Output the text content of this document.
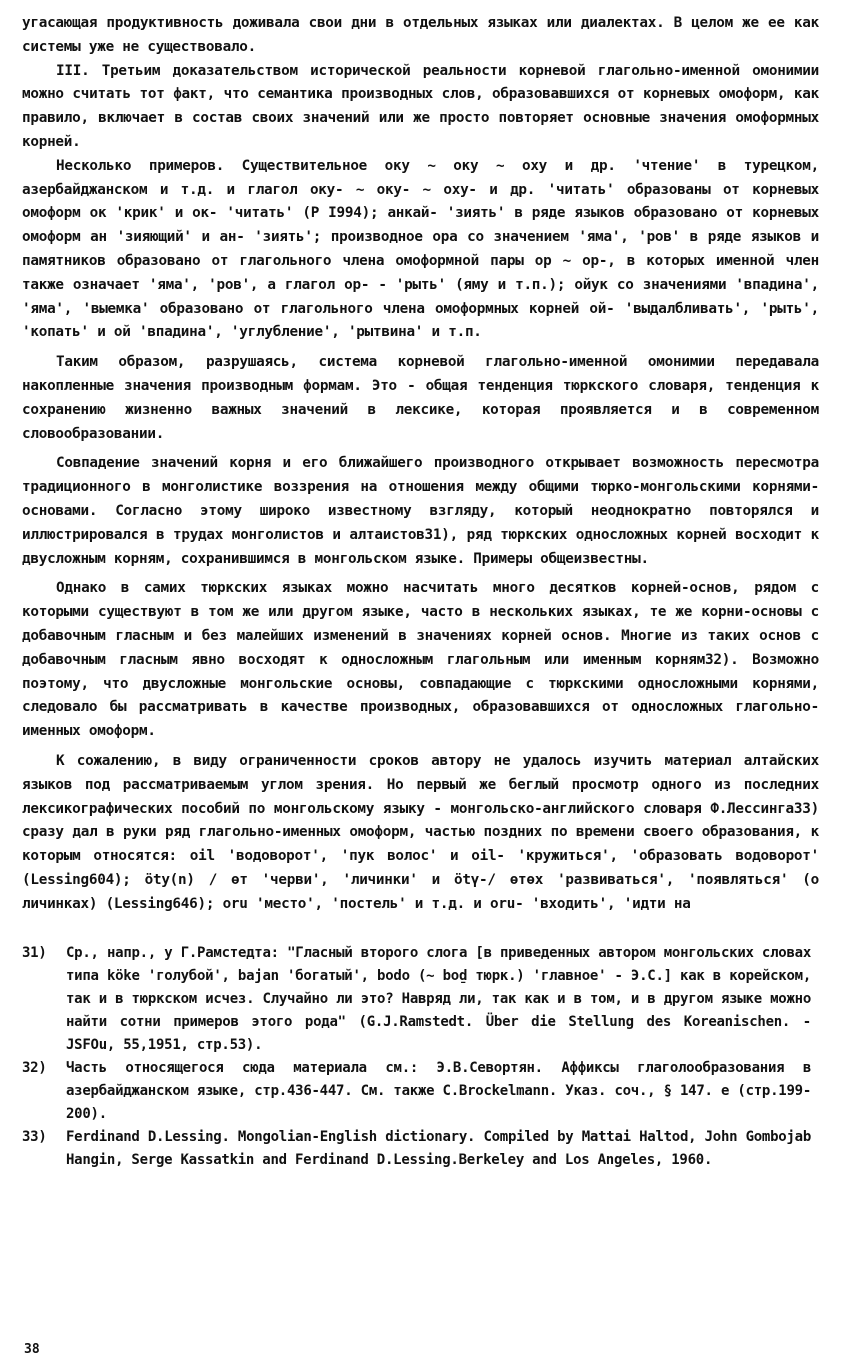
угасающая продуктивность доживала свои дни в отдельных языках или диалектах. В целом же ее как системы уже не существовало.

III. Третьим доказательством исторической реальности корневой глагольно-именной омонимии можно считать тот факт, что семантика производных слов, образовавшихся от корневых омоформ, как правило, включает в состав своих значений или же просто повторяет основные значения омоформных корней.

Несколько примеров. Существительное оку ~ оку ~ оху и др. 'чтение' в турецком, азербайджанском и т.д. и глагол оку- ~ оку- ~ оху- и др. 'читать' образованы от корневых омоформ ок 'крик' и ок- 'читать' (Р I994); анкай- 'зиять' в ряде языков образовано от корневых омоформ ан 'зияющий' и ан- 'зиять'; производное ора со значением 'яма', 'ров' в ряде языков и памятников образовано от глагольного члена омоформной пары ор ~ ор-, в которых именной член также означает 'яма', 'ров', а глагол ор- - 'рыть' (яму и т.п.); ойук со значениями 'впадина', 'яма', 'выемка' образовано от глагольного члена омоформных корней ой- 'выдалбливать', 'рыть', 'копать' и ой 'впадина', 'углубление', 'рытвина' и т.п.

Таким образом, разрушаясь, система корневой глагольно-именной омонимии передавала накопленные значения производным формам. Это - общая тенденция тюркского словаря, тенденция к сохранению жизненно важных значений в лексике, которая проявляется и в современном словообразовании.

Совпадение значений корня и его ближайшего производного открывает возможность пересмотра традиционного в монголистике воззрения на отношения между общими тюрко-монгольскими корнями-основами. Согласно этому широко известному взгляду, который неоднократно повторялся и иллюстрировался в трудах монголистов и алтаистов31), ряд тюркских односложных корней восходит к двусложным корням, сохранившимся в монгольском языке. Примеры общеизвестны.

Однако в самих тюркских языках можно насчитать много десятков корней-основ, рядом с которыми существуют в том же или другом языке, часто в нескольких языках, те же корни-основы с добавочным гласным и без малейших изменений в значениях корней основ. Многие из таких основ с добавочным гласным явно восходят к односложным глагольным или именным корням32). Возможно поэтому, что двусложные монгольские основы, совпадающие с тюркскими односложными корнями, следовало бы рассматривать в качестве производных, образовавшихся от односложных глагольно-именных омоформ.

К сожалению, в виду ограниченности сроков автору не удалось изучить материал алтайских языков под рассматриваемым углом зрения. Но первый же беглый просмотр одного из последних лексикографических пособий по монгольскому языку - монгольско-английского словаря Ф.Лессинга33) сразу дал в руки ряд глагольно-именных омоформ, частью поздних по времени своего образования, к которым относятся: oil 'водоворот', 'пук волос' и oil- 'кружиться', 'образовать водоворот' (Lessing604); öty(n) / өт 'черви', 'личинки' и ötү-/ өтөх 'развиваться', 'появляться' (о личинках) (Lessing646); oru 'место', 'постель' и т.д. и oru- 'входить', 'идти на

31)	Ср., напр., у Г.Рамстедта: "Гласный второго слога [в приведенных автором монгольских словах типа köke 'голубой', bajan 'богатый', bodo (~ boḏ тюрк.) 'главное' - Э.С.] как в корейском, так и в тюркском исчез. Случайно ли это? Навряд ли, так как и в том, и в другом языке можно найти сотни примеров этого рода" (G.J.Ramstedt. Über die Stellung des Koreanischen. - JSFOu, 55,1951, стр.53).
32)	Часть относящегося сюда материала см.: Э.В.Севортян. Аффиксы глаголообразования в азербайджанском языке, стр.436-447. См. также C.Brockelmann. Указ. соч., § 147. e (стр.199-200).
33)	Ferdinand D.Lessing. Mongolian-English dictionary. Compiled by Mattai Haltod, John Gombojab Hangin, Serge Kassatkin and Ferdinand D.Lessing.Berkeley and Los Angeles, 1960.
38
